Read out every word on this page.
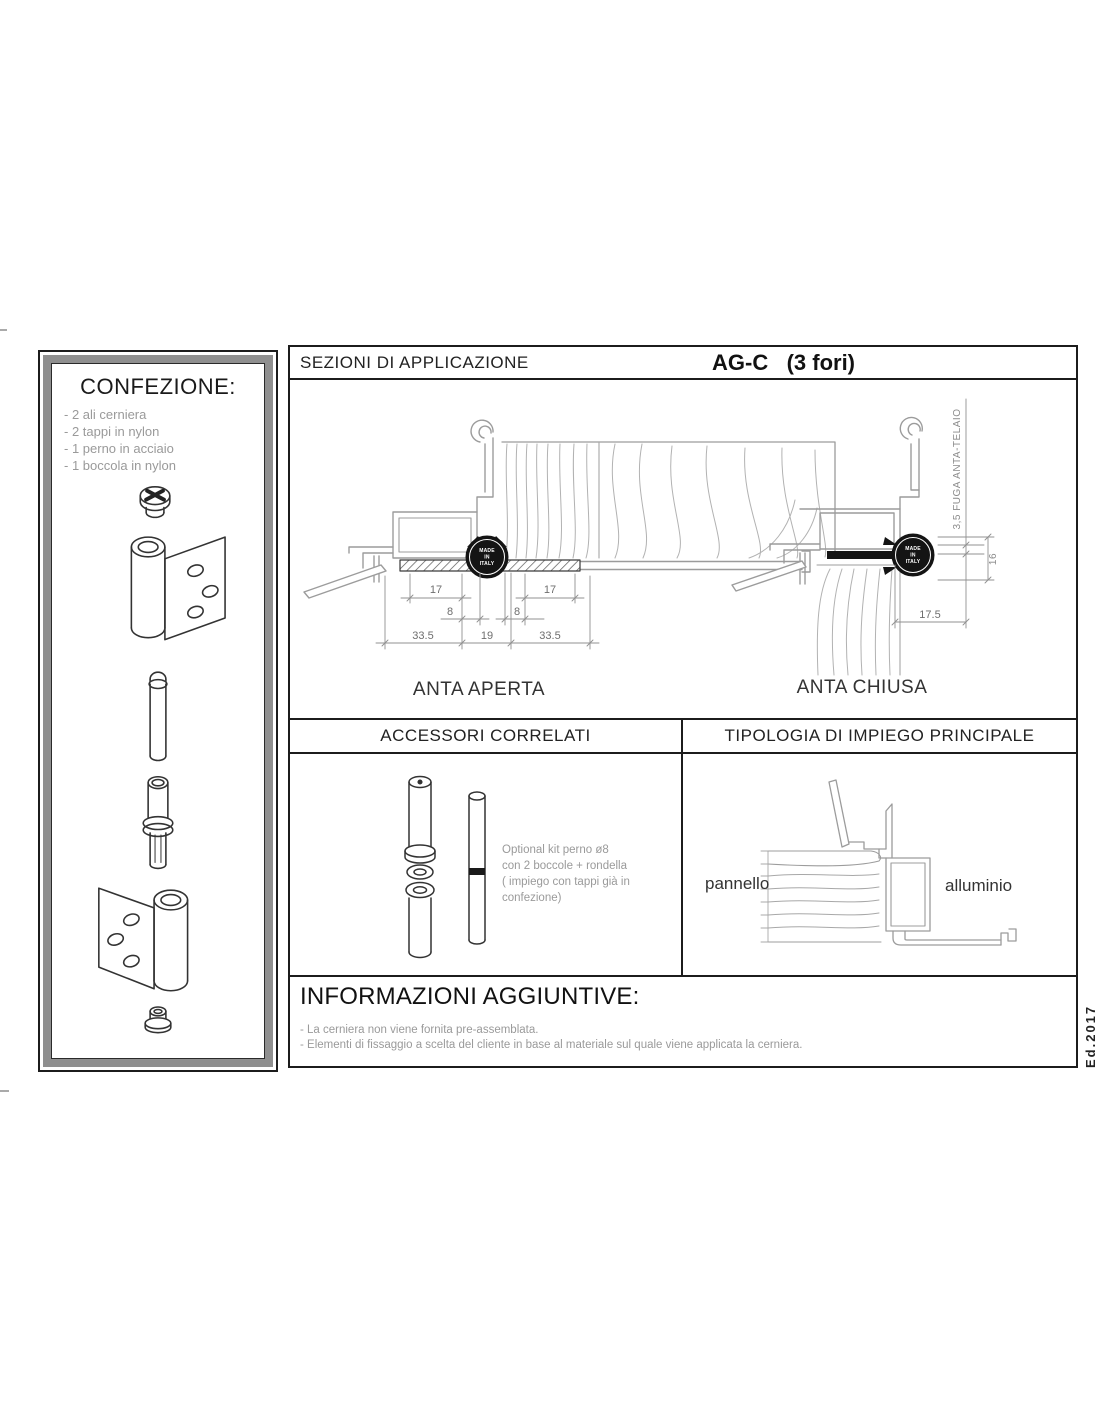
CONFEZIONE:
- 2 ali cerniera
- 2 tappi in nylon
- 1 perno in acciaio
- 1 boccola in nylon
SEZIONI DI APPLICAZIONE	AG-C (3 fori)
MADE
IN
ITALY
17	17
8	8
33.5	19	33.5
ANTA APERTA
MADE
IN
ITALY
3,5 FUGA ANTA-TELAIO
16
17.5
ANTA CHIUSA
ACCESSORI CORRELATI
Optional kit perno ø8
con 2 boccole + rondella
( impiego con tappi già in confezione)
TIPOLOGIA DI IMPIEGO PRINCIPALE
pannello	alluminio
INFORMAZIONI AGGIUNTIVE:
- La cerniera non viene fornita pre-assemblata.
- Elementi di fissaggio a scelta del cliente in base al materiale sul quale viene applicata la cerniera.	Ed.2017
